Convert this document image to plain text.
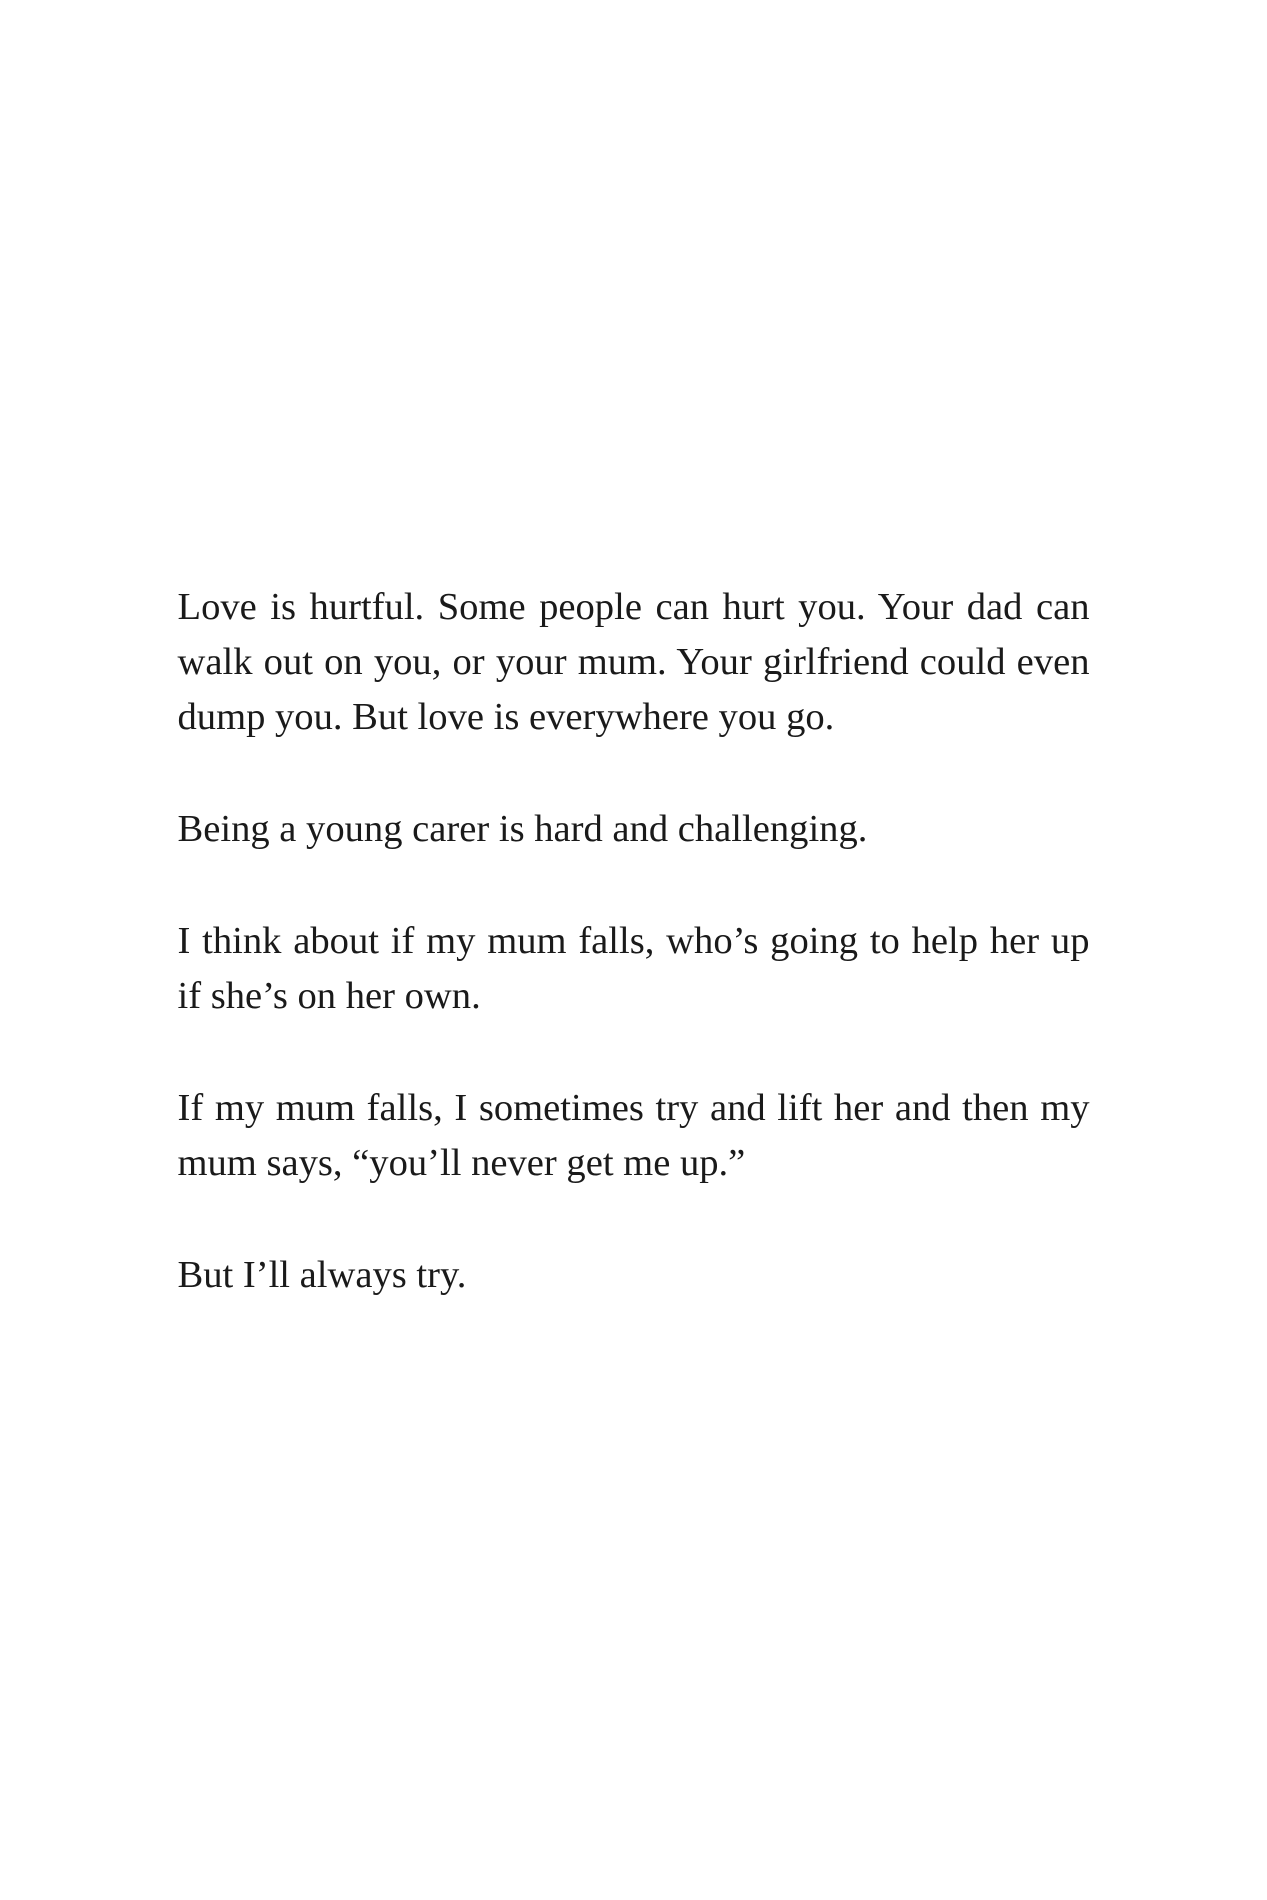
Love is hurtful. Some people can hurt you. Your dad can
walk out on you, or your mum. Your girlfriend could even
dump you. But love is everywhere you go.
Being a young carer is hard and challenging.
I think about if my mum falls, who’s going to help her up
if she’s on her own.
If my mum falls, I sometimes try and lift her and then my
mum says, “you’ll never get me up.”
But I’ll always try.
